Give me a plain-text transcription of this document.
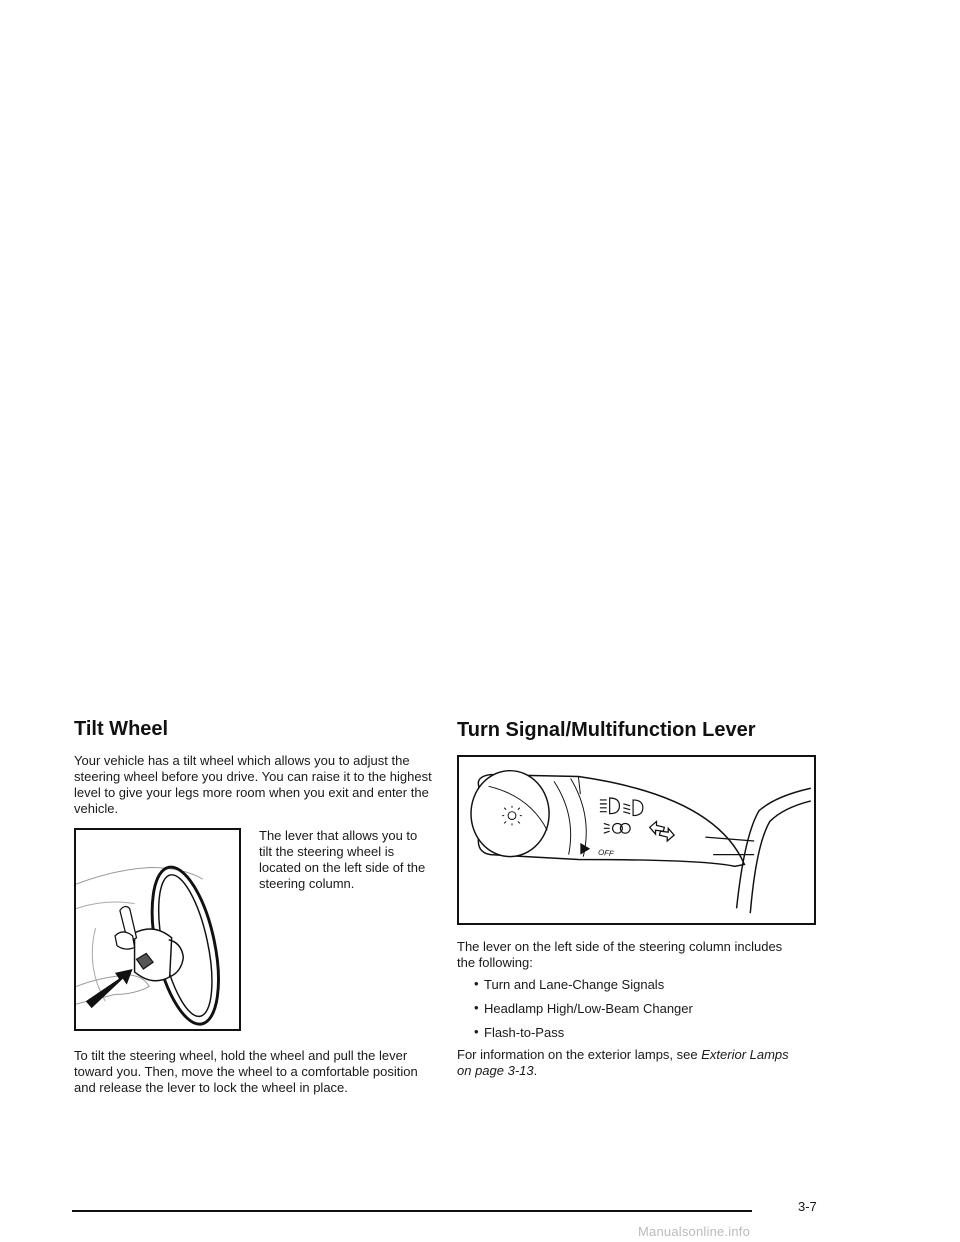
Tilt Wheel

Your vehicle has a tilt wheel which allows you to adjust the steering wheel before you drive. You can raise it to the highest level to give your legs more room when you exit and enter the vehicle.

The lever that allows you to tilt the steering wheel is located on the left side of the steering column.

To tilt the steering wheel, hold the wheel and pull the lever toward you. Then, move the wheel to a comfortable position and release the lever to lock the wheel in place.

Turn Signal/Multifunction Lever
OFF

The lever on the left side of the steering column includes the following:

• Turn and Lane-Change Signals
• Headlamp High/Low-Beam Changer
• Flash-to-Pass

For information on the exterior lamps, see Exterior Lamps on page 3-13.

3-7
Manualsonline.info
